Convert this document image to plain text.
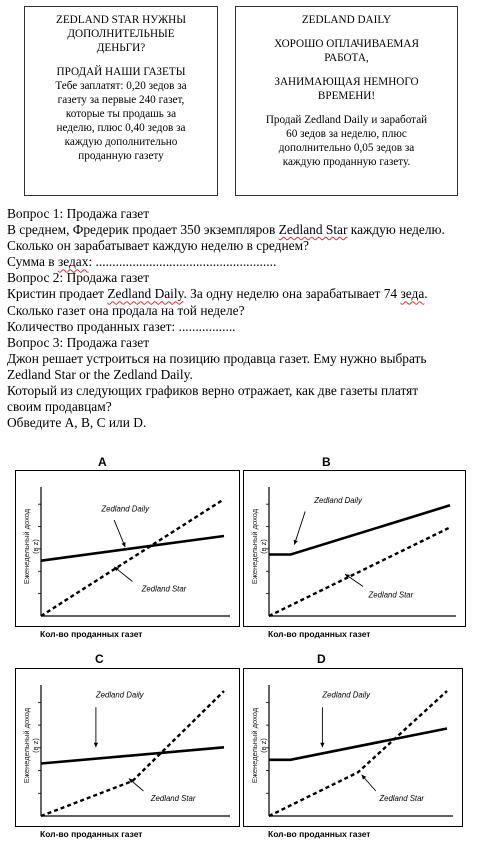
ZEDLAND STAR НУЖНЫ
ДОПОЛНИТЕЛЬНЫЕ
ДЕНЬГИ?
ПРОДАЙ НАШИ ГАЗЕТЫ
Тебе заплатят: 0,20 зедов за
газету за первые 240 газет,
которые ты продашь за
неделю, плюс 0,40 зедов за
каждую дополнительно
проданную газету
ZEDLAND DAILY
ХОРОШО ОПЛАЧИВАЕМАЯ
РАБОТА,
ЗАНИМАЮЩАЯ НЕМНОГО
ВРЕМЕНИ!
Продай Zedland Daily и заработай
60 зедов за неделю, плюс
дополнительно 0,05 зедов за
каждую проданную газету.
Вопрос 1: Продажа газет
В среднем, Фредерик продает 350 экземпляров Zedland Star каждую неделю.
Сколько он зарабатывает каждую неделю в среднем?
Сумма в зедах: ......................................................
Вопрос 2: Продажа газет
Кристин продает Zedland Daily. За одну неделю она зарабатывает 74 зеда.
Сколько газет она продала на той неделе?
Количество проданных газет: .................
Вопрос 3: Продажа газет
Джон решает устроиться на позицию продавца газет. Ему нужно выбрать
Zedland Star or the Zedland Daily.
Который из следующих графиков верно отражает, как две газеты платят
своим продавцам?
Обведите A, B, C или D.
A
Zedland Daily
Zedland Star
Еженедельный доход (в z)
Кол-во проданных газет
B
Zedland Daily
Zedland Star
Еженедельный доход (в z)
Кол-во проданных газет
C
Zedland Daily
Zedland Star
Еженедельный доход (в z)
Кол-во проданных газет
D
Zedland Daily
Zedland Star
Еженедельный доход (в z)
Кол-во проданных газет
